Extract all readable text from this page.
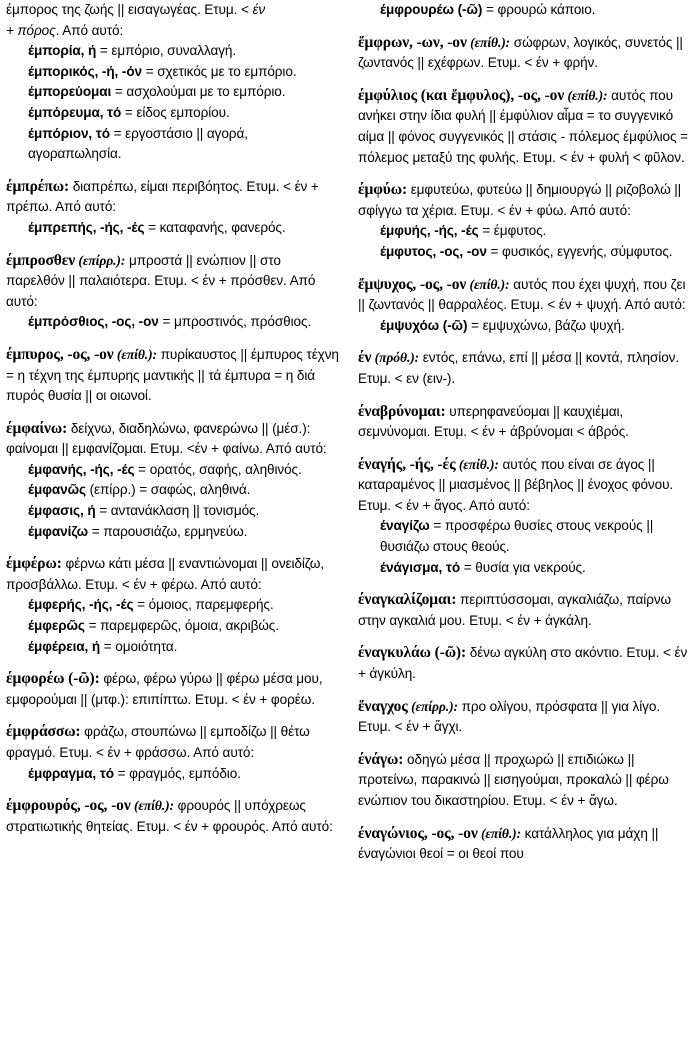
έμπορος της ζωής || εισαγωγέας. Ετυμ. < έν
+ πόρος. Από αυτό:
έμπορία, ή = εμπόριο, συναλλαγή.
έμπορικός, -ή, -όν = σχετικός με το εμπόριο.
έμπορεύομαι = ασχολούμαι με το εμπόριο.
έμπόρευμα, τό = είδος εμπορίου.
έμπόριον, τό = εργοστάσιο || αγορά, αγοραπωλησία.
έμπρέπω: διαπρέπω, είμαι περιβόητος. Ετυμ. < έν + πρέπω. Από αυτό:
έμπρεπής, -ής, -ές = καταφανής, φανερός.
έμπροσθεν (επίρρ.): μπροστά || ενώπιον || στο παρελθόν || παλαιότερα. Ετυμ. < έν + πρόσθεν. Από αυτό:
έμπρόσθιος, -ος, -ον = μπροστινός, πρόσθιος.
έμπυρος, -ος, -ον (επίθ.): πυρίκαυστος || έμπυρος τέχνη = η τέχνη της έμπυρης μαντικής || τά έμπυρα = η διά πυρός θυσία || οι οιωνοί.
έμφαίνω: δείχνω, διαδηλώνω, φανερώνω || (μέσ.): φαίνομαι || εμφανίζομαι. Ετυμ. <έν + φαίνω. Από αυτό:
έμφανής, -ής, -ές = ορατός, σαφής, αληθινός.
έμφανῶς (επίρρ.) = σαφώς, αληθινά.
έμφασις, ή = αντανάκλαση || τονισμός.
έμφανίζω = παρουσιάζω, ερμηνεύω.
έμφέρω: φέρνω κάτι μέσα || εναντιώνομαι || ονειδίζω, προσβάλλω. Ετυμ. < έν + φέρω. Από αυτό:
έμφερής, -ής, -ές = όμοιος, παρεμφερής.
έμφερῶς = παρεμφερῶς, όμοια, ακριβώς.
έμφέρεια, ή = ομοιότητα.
έμφορέω (-ῶ): φέρω, φέρω γύρω || φέρω μέσα μου, εμφορούμαι || (μτφ.): επιπίπτω. Ετυμ. < έν + φορέω.
έμφράσσω: φράζω, στουπώνω || εμποδίζω || θέτω φραγμό. Ετυμ. < έν + φράσσω. Από αυτό:
έμφραγμα, τό = φραγμός, εμπόδιο.
έμφρουρός, -ος, -ον (επίθ.): φρουρός || υπόχρεως στρατιωτικής θητείας. Ετυμ. < έν + φρουρός. Από αυτό:
έμφρουρέω (-ῶ) = φρουρώ κάποιο.
ἔμφρων, -ων, -ον (επίθ.): σώφρων, λογικός, συνετός || ζωντανός || εχέφρων. Ετυμ. < έν + φρήν.
έμφύλιος (και ἔμφυλος), -ος, -ον (επίθ.): αυτός που ανήκει στην ίδια φυλή || έμφύλιον αἷμα = το συγγενικό αίμα || φόνος συγγενικός || στάσις - πόλεμος έμφύλιος = πόλεμος μεταξύ της φυλής. Ετυμ. < έν + φυλή < φῦλον.
έμφύω: εμφυτεύω, φυτεύω || δημιουργώ || ριζοβολώ || σφίγγω τα χέρια. Ετυμ. < έν + φύω. Από αυτό:
έμφυής, -ής, -ές = έμφυτος.
έμφυτος, -ος, -ον = φυσικός, εγγενής, σύμφυτος.
ἔμψυχος, -ος, -ον (επίθ.): αυτός που έχει ψυχή, που ζει || ζωντανός || θαρραλέος. Ετυμ. < έν + ψυχή. Από αυτό:
έμψυχόω (-ῶ) = εμψυχώνω, βάζω ψυχή.
έν (πρόθ.): εντός, επάνω, επί || μέσα || κοντά, πλησίον. Ετυμ. < εν (ειν-).
έναβρύνομαι: υπερηφανεύομαι || καυχιέμαι, σεμνύνομαι. Ετυμ. < έν + άβρύνομαι < άβρός.
έναγής, -ής, -ές (επίθ.): αυτός που είναι σε άγος || καταραμένος || μιασμένος || βέβηλος || ένοχος φόνου. Ετυμ. < έν + ἄγος. Από αυτό:
έναγίζω = προσφέρω θυσίες στους νεκρούς || θυσιάζω στους θεούς.
ένάγισμα, τό = θυσία για νεκρούς.
έναγκαλίζομαι: περιπτύσσομαι, αγκαλιάζω, παίρνω στην αγκαλιά μου. Ετυμ. < έν + άγκάλη.
έναγκυλάω (-ῶ): δένω αγκύλη στο ακόντιο. Ετυμ. < έν + άγκύλη.
ἔναγχος (επίρρ.): προ ολίγου, πρόσφατα || για λίγο. Ετυμ. < έν + ἄγχι.
ένάγω: οδηγώ μέσα || προχωρώ || επιδιώκω || προτείνω, παρακινώ || εισηγούμαι, προκαλώ || φέρω ενώπιον του δικαστηρίου. Ετυμ. < έν + ἄγω.
έναγώνιος, -ος, -ον (επίθ.): κατάλληλος για μάχη || έναγώνιοι θεοί = οι θεοί που
